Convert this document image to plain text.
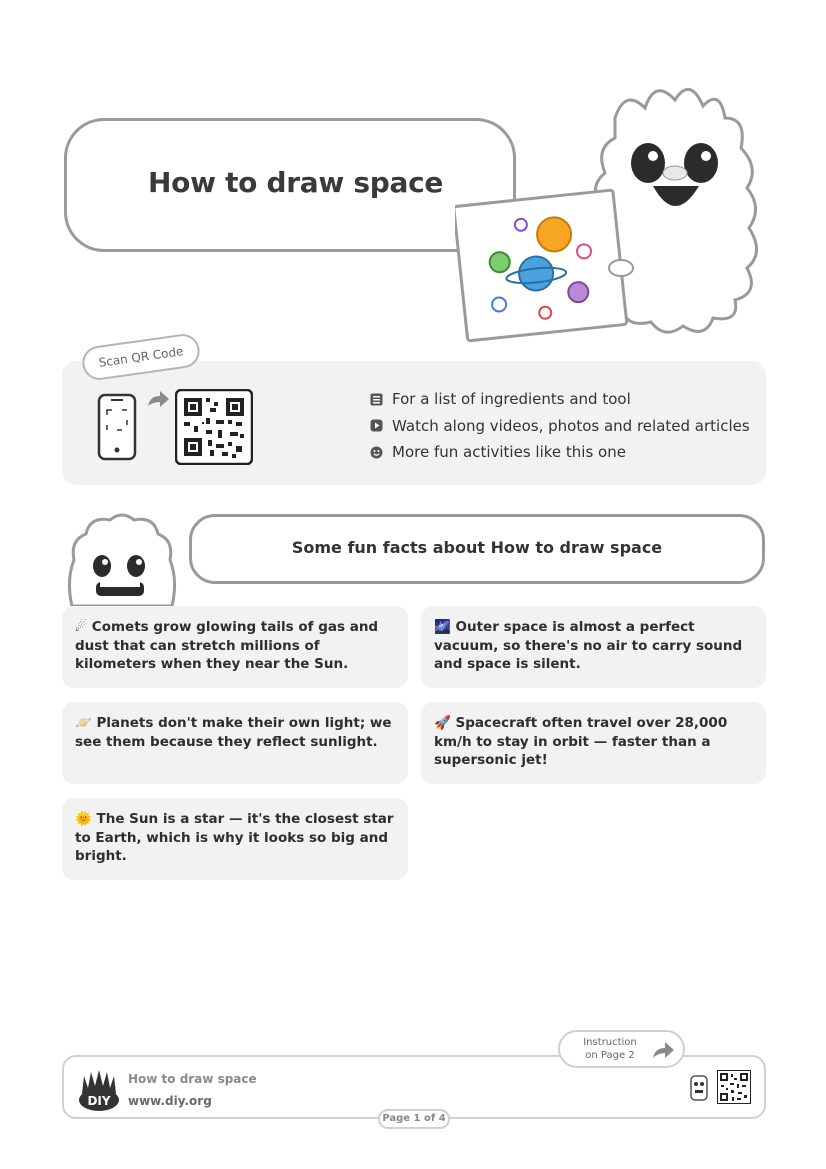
How to draw space
Scan QR Code
For a list of ingredients and tool
Watch along videos, photos and related articles
More fun activities like this one
Some fun facts about How to draw space
☄ Comets grow glowing tails of gas and dust that can stretch millions of kilometers when they near the Sun.
🌌 Outer space is almost a perfect vacuum, so there's no air to carry sound and space is silent.
🪐 Planets don't make their own light; we see them because they reflect sunlight.
🚀 Spacecraft often travel over 28,000 km/h to stay in orbit — faster than a supersonic jet!
🌞 The Sun is a star — it's the closest star to Earth, which is why it looks so big and bright.
DIY
How to draw space
www.diy.org
Instruction
on Page 2
Page 1 of 4
